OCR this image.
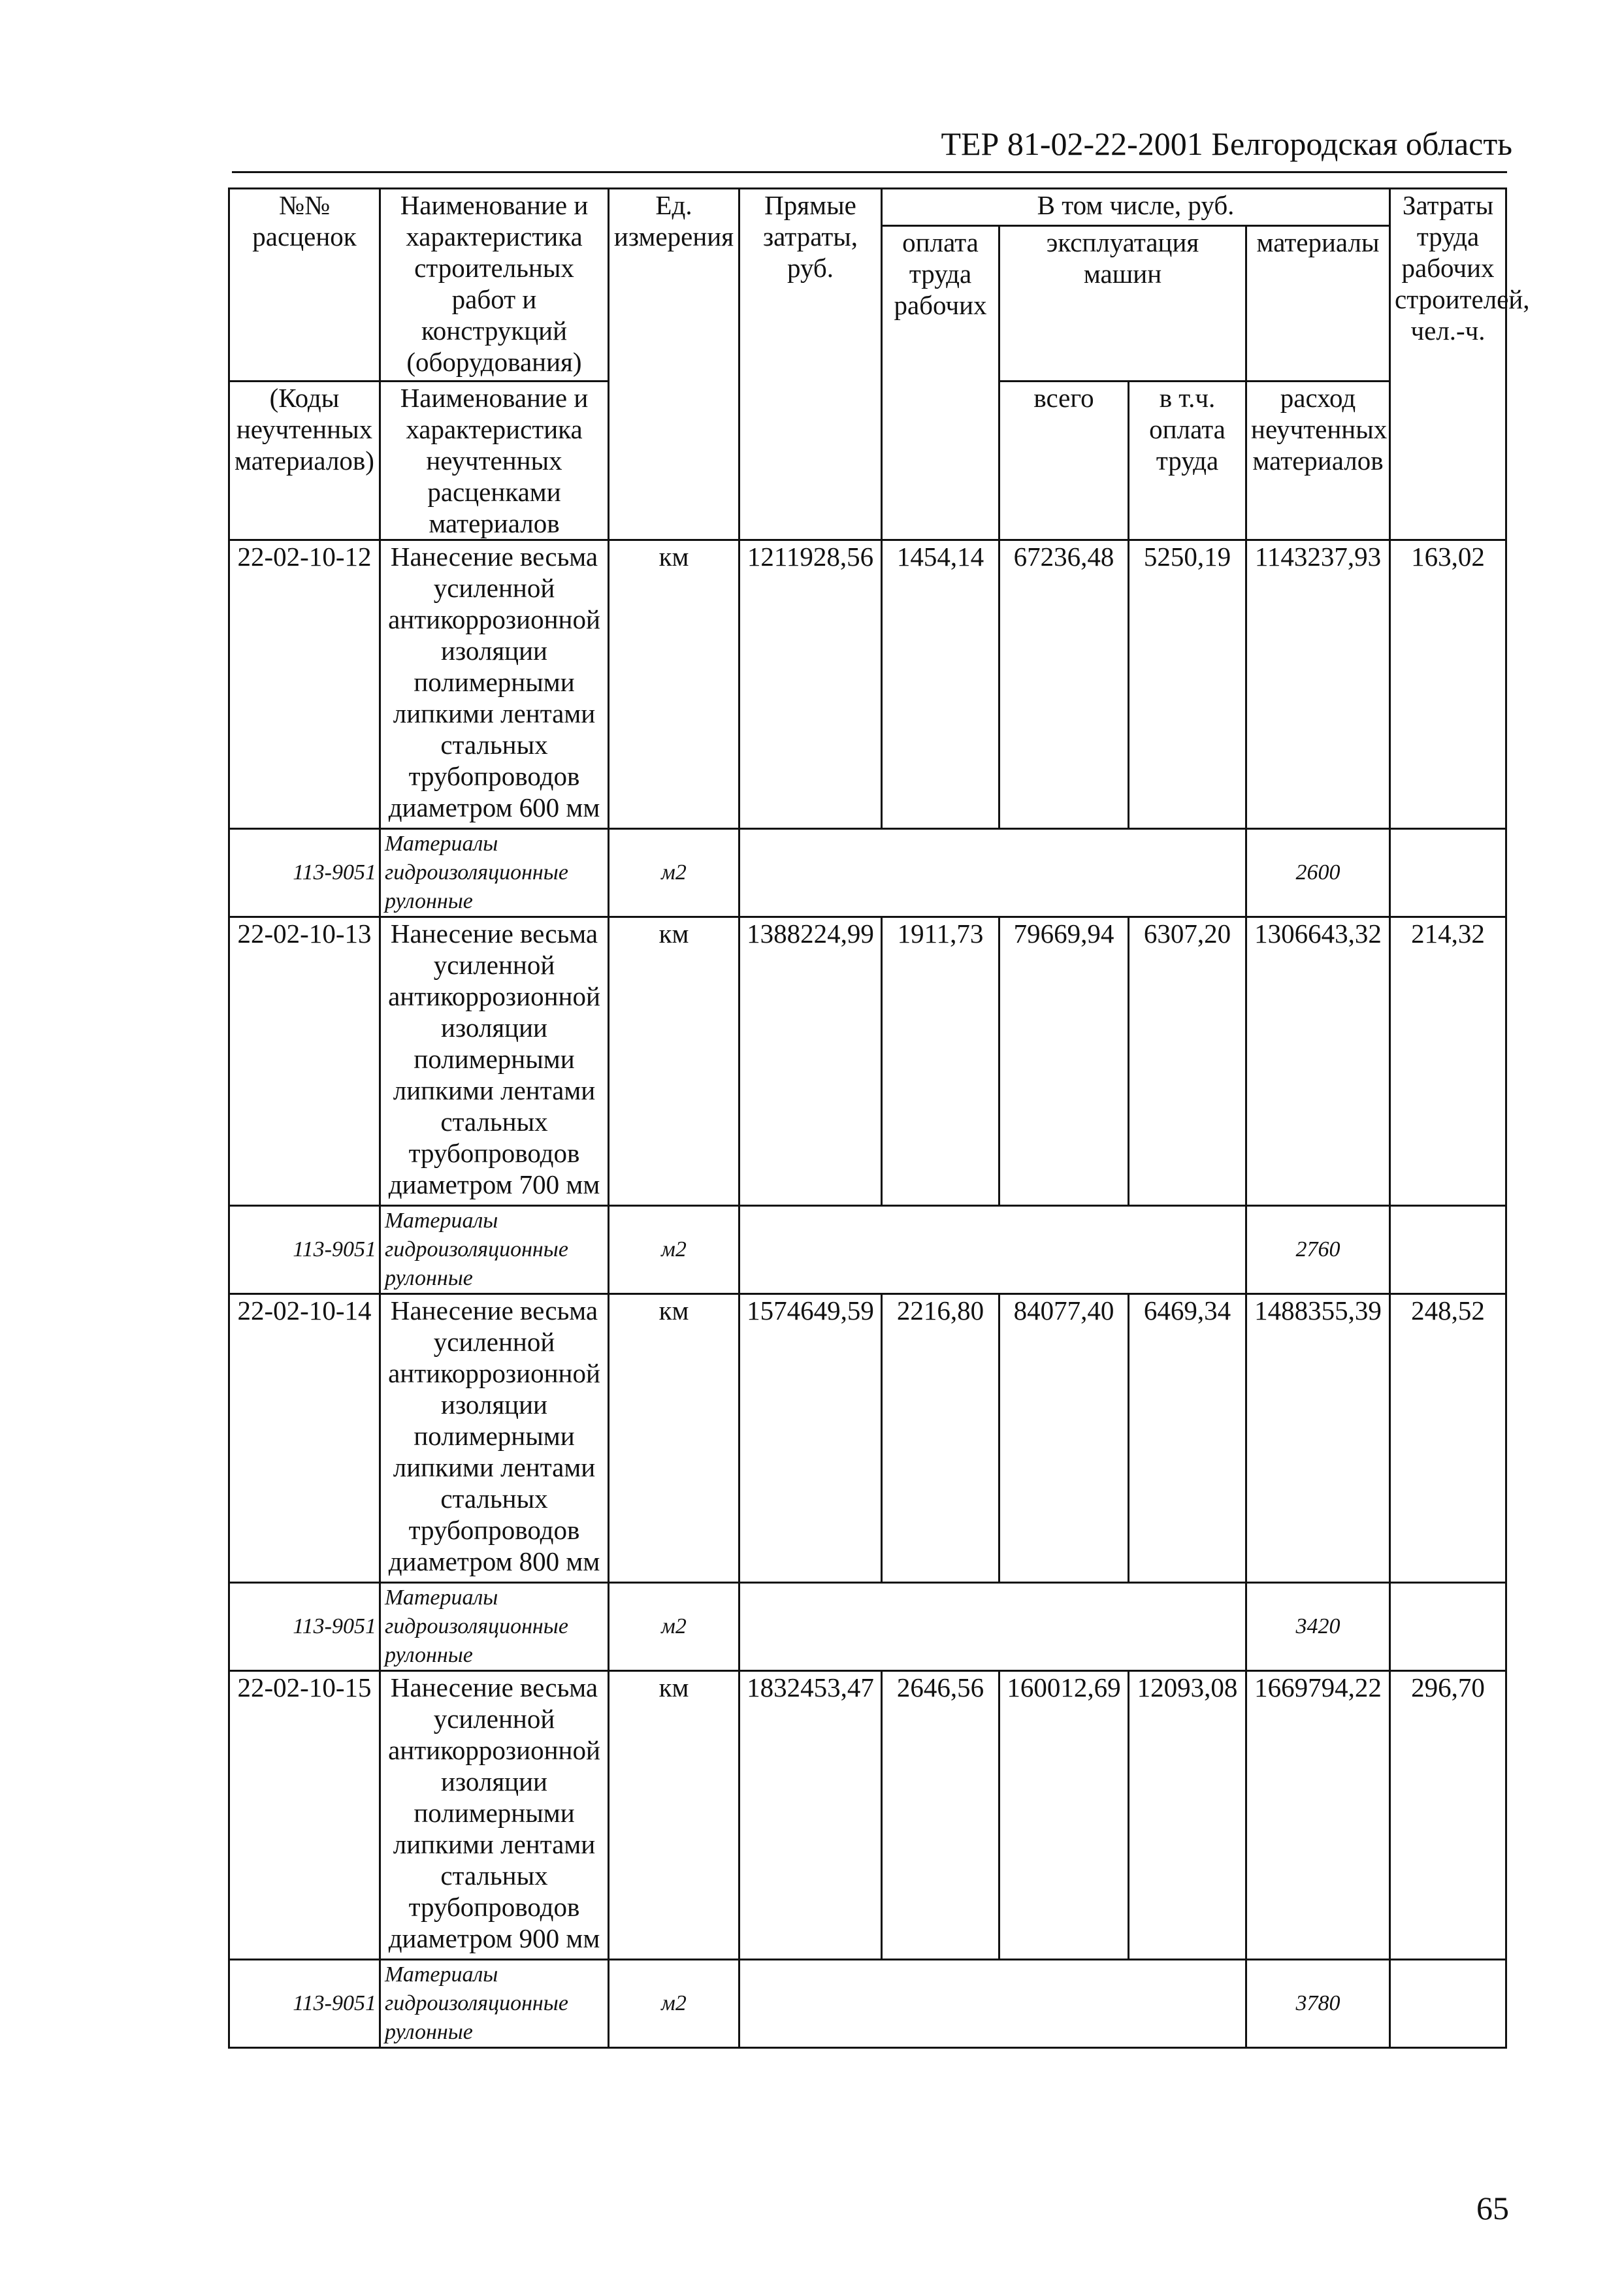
ТЕР 81-02-22-2001 Белгородская область
№№ расценок	Наименование и характеристика строительных работ и конструкций (оборудования)	Ед. измерения	Прямые затраты, руб.	В том числе, руб.				Затраты труда рабочих строителей, чел.-ч.
				оплата труда рабочих	эксплуатация машин		материалы	

(Коды неучтенных материалов)	Наименование и характеристика неучтенных расценками материалов				всего	в т.ч. оплата труда	расход неучтенных материалов	
22-02-10-12	Нанесение весьма усиленной антикоррозионной изоляции полимерными липкими лентами стальных трубопроводов диаметром 600 мм	км	1211928,56	1454,14	67236,48	5250,19	1143237,93	163,02
113-9051	Материалы гидроизоляционные рулонные	м2					2600	
22-02-10-13	Нанесение весьма усиленной антикоррозионной изоляции полимерными липкими лентами стальных трубопроводов диаметром 700 мм	км	1388224,99	1911,73	79669,94	6307,20	1306643,32	214,32
113-9051	Материалы гидроизоляционные рулонные	м2					2760	
22-02-10-14	Нанесение весьма усиленной антикоррозионной изоляции полимерными липкими лентами стальных трубопроводов диаметром 800 мм	км	1574649,59	2216,80	84077,40	6469,34	1488355,39	248,52
113-9051	Материалы гидроизоляционные рулонные	м2					3420	
22-02-10-15	Нанесение весьма усиленной антикоррозионной изоляции полимерными липкими лентами стальных трубопроводов диаметром 900 мм	км	1832453,47	2646,56	160012,69	12093,08	1669794,22	296,70
113-9051	Материалы гидроизоляционные рулонные	м2					3780	
65
